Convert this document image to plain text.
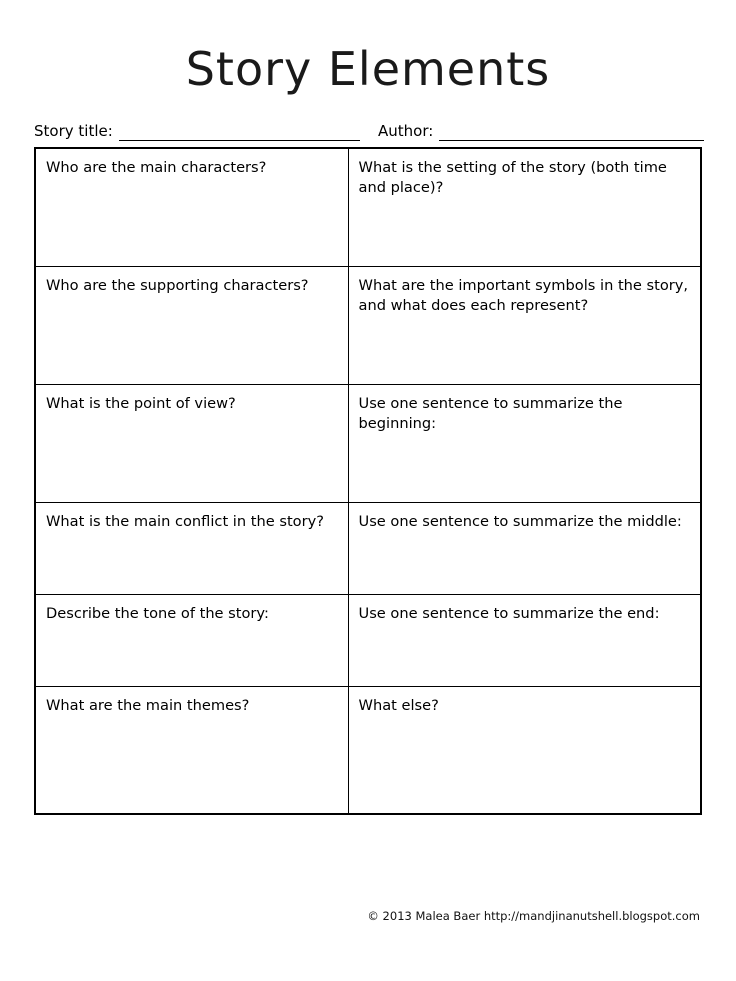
Story Elements
Story title:	Author:
Who are the main characters?	What is the setting of the story (both time and place)?

Who are the supporting characters?	What are the important symbols in the story, and what does each represent?

What is the point of view?	Use one sentence to summarize the beginning:

What is the main conflict in the story?	Use one sentence to summarize the middle:

Describe the tone of the story:	Use one sentence to summarize the end:

What are the main themes?	What else?
© 2013 Malea Baer http://mandjinanutshell.blogspot.com
